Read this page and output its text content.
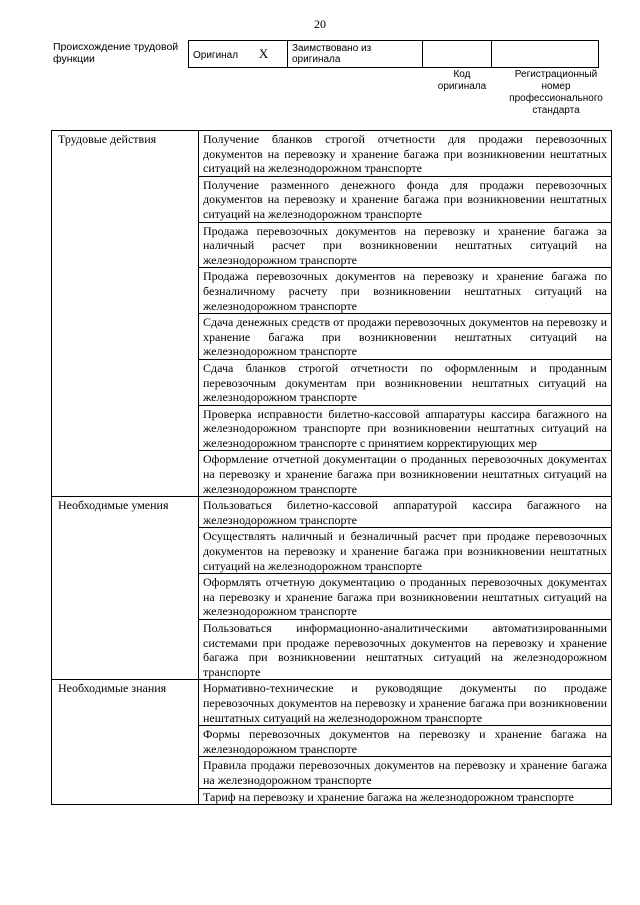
20
Происхождение трудовой функции	Оригинал X	Заимствовано из оригинала		
Код оригинала
Регистрационный номер профессионального стандарта
Трудовые действия	Получение бланков строгой отчетности для продажи перевозочных документов на перевозку и хранение багажа при возникновении нештатных ситуаций на железнодорожном транспорте
	Получение разменного денежного фонда для продажи перевозочных документов на перевозку и хранение багажа при возникновении нештатных ситуаций на железнодорожном транспорте
	Продажа перевозочных документов на перевозку и хранение багажа за наличный расчет при возникновении нештатных ситуаций на железнодорожном транспорте
	Продажа перевозочных документов на перевозку и хранение багажа по безналичному расчету при возникновении нештатных ситуаций на железнодорожном транспорте
	Сдача денежных средств от продажи перевозочных документов на перевозку и хранение багажа при возникновении нештатных ситуаций на железнодорожном транспорте
	Сдача бланков строгой отчетности по оформленным и проданным перевозочным документам при возникновении нештатных ситуаций на железнодорожном транспорте
	Проверка исправности билетно-кассовой аппаратуры кассира багажного на железнодорожном транспорте при возникновении нештатных ситуаций на железнодорожном транспорте с принятием корректирующих мер
	Оформление отчетной документации о проданных перевозочных документах на перевозку и хранение багажа при возникновении нештатных ситуаций на железнодорожном транспорте
Необходимые умения	Пользоваться билетно-кассовой аппаратурой кассира багажного на железнодорожном транспорте
	Осуществлять наличный и безналичный расчет при продаже перевозочных документов на перевозку и хранение багажа при возникновении нештатных ситуаций на железнодорожном транспорте
	Оформлять отчетную документацию о проданных перевозочных документах на перевозку и хранение багажа при возникновении нештатных ситуаций на железнодорожном транспорте
	Пользоваться информационно-аналитическими автоматизированными системами при продаже перевозочных документов на перевозку и хранение багажа при возникновении нештатных ситуаций на железнодорожном транспорте
Необходимые знания	Нормативно-технические и руководящие документы по продаже перевозочных документов на перевозку и хранение багажа при возникновении нештатных ситуаций на железнодорожном транспорте
	Формы перевозочных документов на перевозку и хранение багажа на железнодорожном транспорте
	Правила продажи перевозочных документов на перевозку и хранение багажа на железнодорожном транспорте
	Тариф на перевозку и хранение багажа на железнодорожном транспорте
